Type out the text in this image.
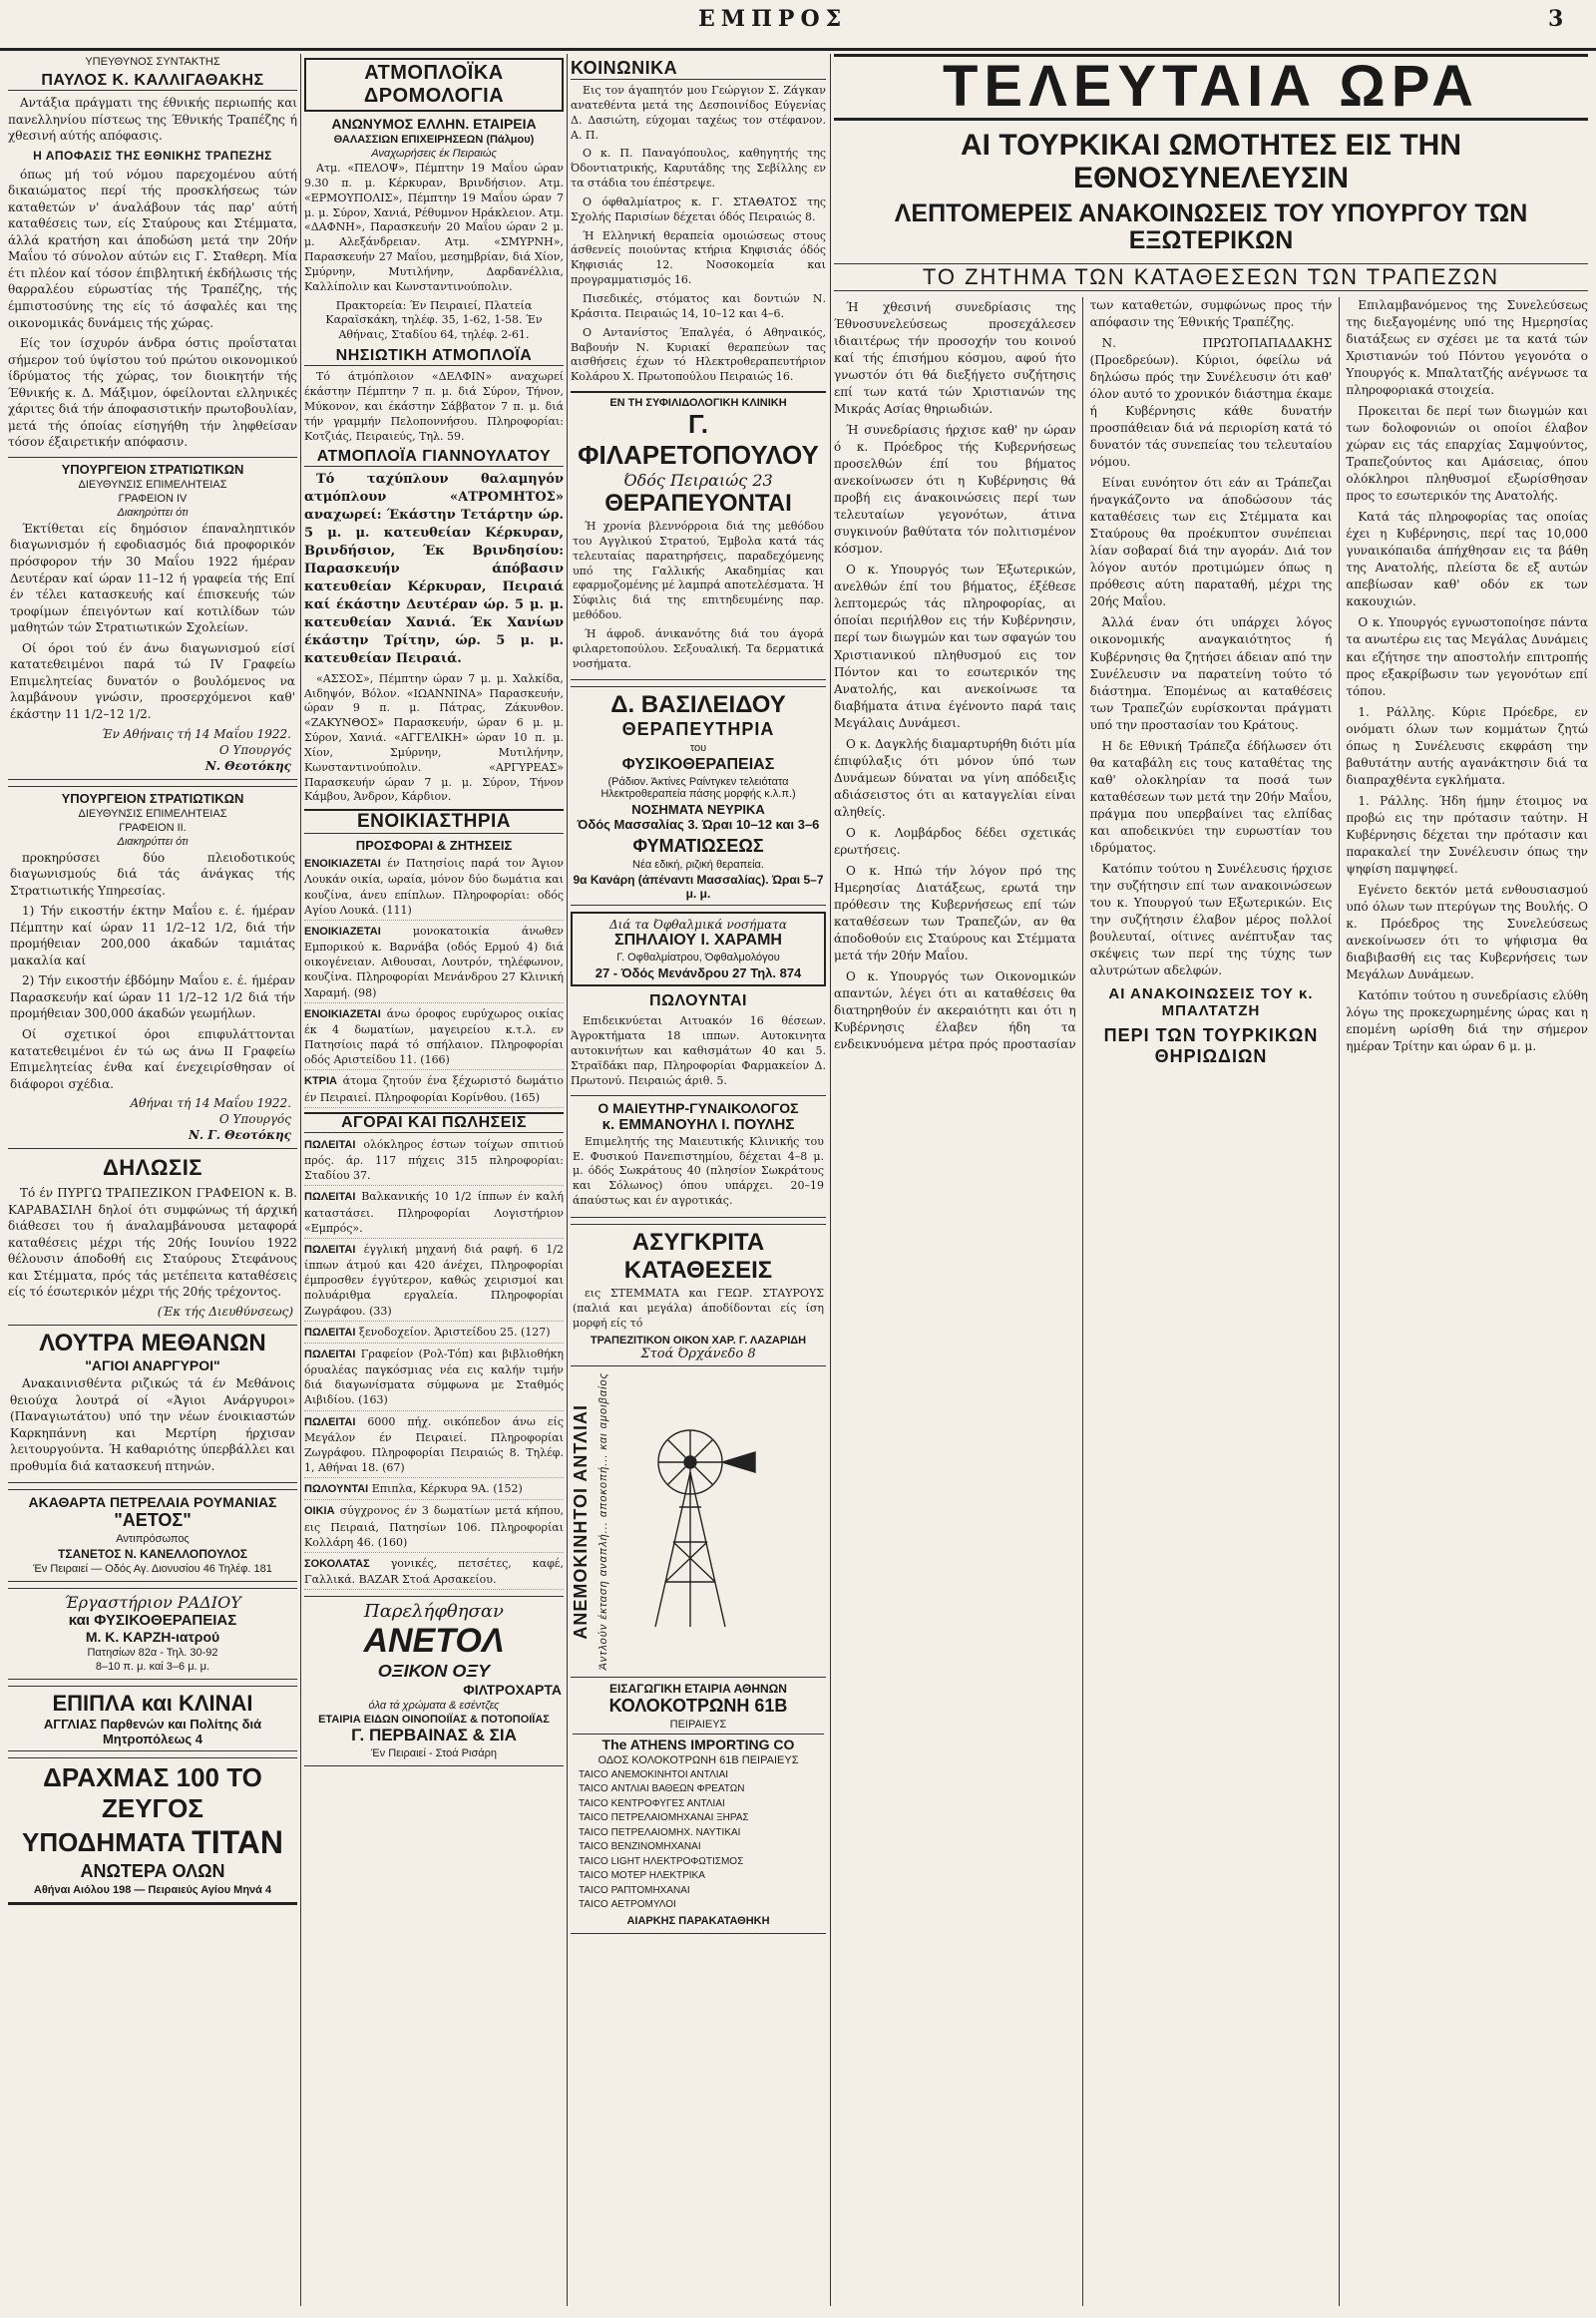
ΕΜΠΡΟΣ	3
ΥΠΕΥΘΥΝΟΣ ΣΥΝΤΑΚΤΗΣ
ΠΑΥΛΟΣ Κ. ΚΑΛΛΙΓΑΘΑΚΗΣ

Αντάξια πράγματι της έθνικής περιωπής και πανελληνίου πίστεως της Έθνικής Τραπέζης ή χθεσινή αύτής απόφασις.

Η ΑΠΟΦΑΣΙΣ ΤΗΣ ΕΘΝΙΚΗΣ ΤΡΑΠΕΖΗΣ

όπως μή τού νόμου παρεχομένου αύτή δικαιώματος περί τής προσκλήσεως τών καταθετών ν' άναλάβουν τάς παρ' αύτή καταθέσεις των, είς Σταύρους και Στέμματα, άλλά κρατήση και άποδώση μετά την 20ήν Μαΐου τό σύνολον αύτών εις Γ. Σταθερη. Μία έτι πλέον καί τόσον έπιβλητική έκδήλωσις τής θαρραλέου εύρωστίας τής Τραπέζης, τής έμπιστοσύνης της είς τό άσφαλές και της οικονομικάς δυνάμεις τής χώρας.

Είς τον ίσχυρόν άνδρα όστις προΐσταται σήμερον τού ύψίστου τού πρώτου οικονομικού ίδρύματος τής χώρας, τον διοικητήν τής Έθνικής κ. Δ. Μάξιμον, όφείλονται ελληνικές χάριτες διά τήν άποφασιστικήν πρωτοβουλίαν, μετά τής όποίας είσηγήθη τήν ληφθείσαν τόσον έξαιρετικήν απόφασιν.

ΥΠΟΥΡΓΕΙΟΝ ΣΤΡΑΤΙΩΤΙΚΩΝ
ΔΙΕΥΘΥΝΣΙΣ ΕΠΙΜΕΛΗΤΕΙΑΣ
ΓΡΑΦΕΙΟΝ IV
Διακηρύττει ότι

Έκτίθεται είς δημόσιον έπαναληπτικόν διαγωνισμόν ή εφοδιασμός διά προφορικόν πρόσφορον τήν 30 Μαΐου 1922 ήμέραν Δευτέραν καί ώραν 11–12 ή γραφεία τής Επί έν τέλει κατασκευής καί έπισκευής τών τροφίμων έπειγόντων καί κοτιλίδων τών μαθητών τών Στρατιωτικών Σχολείων.

Οί όροι τού έν άνω διαγωνισμού είσί κατατεθειμένοι παρά τώ IV Γραφείω Επιμελητείας δυνατόν ο βουλόμενος να λαμβάνουν γνώσιν, προσερχόμενοι καθ' έκάστην 11 1/2–12 1/2.

Έν Αθήναις τή 14 Μαΐου 1922.
Ο Υπουργός
Ν. Θεοτόκης
ΥΠΟΥΡΓΕΙΟΝ ΣΤΡΑΤΙΩΤΙΚΩΝ
ΔΙΕΥΘΥΝΣΙΣ ΕΠΙΜΕΛΗΤΕΙΑΣ
ΓΡΑΦΕΙΟΝ ΙΙ.
Διακηρύττει ότι

προκηρύσσει δύο πλειοδοτικούς διαγωνισμούς διά τάς άνάγκας τής Στρατιωτικής Υπηρεσίας.

1) Τήν εικοστήν έκτην Μαΐου ε. έ. ήμέραν Πέμπτην καί ώραν 11 1/2–12 1/2, διά τήν προμήθειαν 200,000 άκαδών ταμιάτας μακαλία καί

2) Τήν εικοστήν έβδόμην Μαΐου ε. έ. ήμέραν Παρασκευήν καί ώραν 11 1/2–12 1/2 διά τήν προμήθειαν 300,000 άκαδών γεωμήλων.

Οί σχετικοί όροι επιφυλάττονται κατατεθειμένοι έν τώ ως άνω ΙΙ Γραφείω Επιμελητείας ένθα καί ένεχειρίσθησαν οί διάφοροι σχέδια.

Αθήναι τή 14 Μαΐου 1922.
Ο Υπουργός
Ν. Γ. Θεοτόκης
ΔΗΛΩΣΙΣ

Τό έν ΠΥΡΓΩ ΤΡΑΠΕΖΙΚΟΝ ΓΡΑΦΕΙΟΝ κ. Β. ΚΑΡΑΒΑΣΙΛΗ δηλοί ότι συμφώνως τή άρχική διάθεσει του ή άναλαμβάνουσα μεταφορά καταθέσεις μέχρι τής 20ής Ιουνίου 1922 θέλουσιν άποδοθή εις Σταύρους Στεφάνους και Στέμματα, πρός τάς μετέπειτα καταθέσεις είς τό έσωτερικόν μέχρι τής 20ής τρέχοντος.

(Έκ τής Διευθύνσεως)
ΛΟΥΤΡΑ ΜΕΘΑΝΩΝ
"ΑΓΙΟΙ ΑΝΑΡΓΥΡΟΙ"

Ανακαινισθέντα ριζικώς τά έν Μεθάνοις θειούχα λουτρά οί «Άγιοι Ανάργυροι» (Παναγιωτάτου) υπό την νέων ένοικιαστών Καρκηπάννη και Μερτίρη ήρχισαν λειτουργούντα. Ή καθαριότης ύπερβάλλει και προθυμία διά κατασκευή πτηνών.

ΑΚΑΘΑΡΤΑ ΠΕΤΡΕΛΑΙΑ ΡΟΥΜΑΝΙΑΣ
"ΑΕΤΟΣ"
Αντιπρόσωπος
ΤΣΑΝΕΤΟΣ Ν. ΚΑΝΕΛΛΟΠΟΥΛΟΣ
Έν Πειραιεί — Οδός Αγ. Διονυσίου 46 Τηλέφ. 181
Έργαστήριον ΡΑΔΙΟΥ
και ΦΥΣΙΚΟΘΕΡΑΠΕΙΑΣ
Μ. Κ. ΚΑΡΖΗ-ιατρού
Πατησίων 82α - Τηλ. 30-92
8–10 π. μ. καί 3–6 μ. μ.
ΕΠΙΠΛΑ και ΚΛΙΝΑΙ
ΑΓΓΛΙΑΣ Παρθενών και Πολίτης διά Μητροπόλεως 4
ΔΡΑΧΜΑΣ 100 ΤΟ ΖΕΥΓΟΣ
ΥΠΟΔΗΜΑΤΑ ΤΙΤΑΝ
ΑΝΩΤΕΡΑ ΟΛΩΝ
Αθήναι Αιόλου 198 — Πειραιεύς Αγίου Μηνά 4
ΑΤΜΟΠΛΟΪΚΑ ΔΡΟΜΟΛΟΓΙΑ
ΑΝΩΝΥΜΟΣ ΕΛΛΗΝ. ΕΤΑΙΡΕΙΑ
ΘΑΛΑΣΣΙΩΝ ΕΠΙΧΕΙΡΗΣΕΩΝ (Πάλμου)
Αναχωρήσεις έκ Πειραιώς

Ατμ. «ΠΕΛΟΨ», Πέμπτην 19 Μαΐου ώραν 9.30 π. μ. Κέρκυραν, Βρινδήσιον. Ατμ. «ΕΡΜΟΥΠΟΛΙΣ», Πέμπτην 19 Μαΐου ώραν 7 μ. μ. Σύρον, Χανιά, Ρέθυμνον Ηράκλειον. Ατμ. «ΔΑΦΝΗ», Παρασκευήν 20 Μαΐου ώραν 2 μ. μ. Αλεξάνδρειαν. Ατμ. «ΣΜΥΡΝΗ», Παρασκευήν 27 Μαΐου, μεσημβρίαν, διά Χίον, Σμύρνην, Μυτιλήνην, Δαρδανέλλια, Καλλίπολιν και Κωνσταντινούπολιν.

Πρακτορεία: Έν Πειραιεί, Πλατεία Καραϊσκάκη, τηλέφ. 35, 1-62, 1-58. Έν Αθήναις, Σταδίου 64, τηλέφ. 2-61.

ΝΗΣΙΩΤΙΚΗ ΑΤΜΟΠΛΟΪΑ

Τό άτμόπλοιον «ΔΕΛΦΙΝ» αναχωρεί έκάστην Πέμπτην 7 π. μ. διά Σύρον, Τήνον, Μύκονον, και έκάστην Σάββατον 7 π. μ. διά τήν γραμμήν Πελοποννήσου. Πληροφορίαι: Κοτζιάς, Πειραιεύς, Τηλ. 59.

ΑΤΜΟΠΛΟΪΑ ΓΙΑΝΝΟΥΛΑΤΟΥ

Τό ταχύπλουν θαλαμηγόν ατμόπλουν «ΑΤΡΟΜΗΤΟΣ» αναχωρεί: Έκάστην Τετάρτην ώρ. 5 μ. μ. κατευθείαν Κέρκυραν, Βρινδήσιον, Έκ Βρινδησίου: Παρασκευήν άπόβασιν κατευθείαν Κέρκυραν, Πειραιά καί έκάστην Δευτέραν ώρ. 5 μ. μ. κατευθείαν Χανιά. Έκ Χανίων έκάστην Τρίτην, ώρ. 5 μ. μ. κατευθείαν Πειραιά.

«ΑΣΣΟΣ», Πέμπτην ώραν 7 μ. μ. Χαλκίδα, Αιδηψόν, Βόλον. «ΙΩΑΝΝΙΝΑ» Παρασκευήν, ώραν 9 π. μ. Πάτρας, Ζάκυνθον. «ΖΑΚΥΝΘΟΣ» Παρασκευήν, ώραν 6 μ. μ. Σύρον, Χανιά. «ΑΓΓΕΛΙΚΗ» ώραν 10 π. μ. Χίον, Σμύρνην, Μυτιλήνην, Κωνσταντινούπολιν. «ΑΡΓΥΡΕΑΣ» Παρασκευήν ώραν 7 μ. μ. Σύρον, Τήνον Κάμβου, Άνδρον, Κάρδιον.

ΕΝΟΙΚΙΑΣΤΗΡΙΑ
ΠΡΟΣΦΟΡΑΙ & ΖΗΤΗΣΕΙΣ
ΕΝΟΙΚΙΑΖΕΤΑΙ έν Πατησίοις παρά τον Άγιον Λουκάν οικία, ωραία, μόνον δύο δωμάτια και κουζίνα, άνευ επίπλων. Πληροφορίαι: οδός Αγίου Λουκά. (111)
ΕΝΟΙΚΙΑΖΕΤΑΙ	μονοκατοικία άνωθεν Εμπορικού κ. Βαρνάβα (οδός Ερμού 4) διά οικογένειαν. Αιθουσαι, Λουτρόν, τηλέφωνον, κουζίνα. Πληροφορίαι Μενάνδρου 27 Κλινική Χαραμή. (98)
ΕΝΟΙΚΙΑΖΕΤΑΙ άνω όροφος ευρύχωρος οικίας έκ 4 δωματίων, μαγειρείου κ.τ.λ. εν Πατησίοις παρά τό σπήλαιον. Πληροφορίαι οδός Αριστείδου 11. (166)
ΚΤΡΙΑ άτομα ζητούν ένα ξέχωριστό δωμάτιο έν Πειραιεί. Πληροφορίαι Κορίνθου. (165)
ΑΓΟΡΑΙ ΚΑΙ ΠΩΛΗΣΕΙΣ
ΠΩΛΕΙΤΑΙ ολόκληρος έστων τοίχων σπιτιού πρός. άρ. 117 πήχεις 315 πληροφορίαι: Σταδίου 37.
ΠΩΛΕΙΤΑΙ Βαλκανικής 10 1/2 ίππων έν καλή καταστάσει. Πληροφορίαι Λογιστήριον «Εμπρός».
ΠΩΛΕΙΤΑΙ έγγλική μηχανή διά ραφή. 6 1/2 ίππων άτμού και 420 άνέχει, Πληροφορίαι έμπροσθεν έγγύτερον, καθώς χειρισμοί και πολυάριθμα εργαλεία. Πληροφορίαι Ζωγράφου. (33)
ΠΩΛΕΙΤΑΙ ξενοδοχείον. Άριστείδου 25. (127)
ΠΩΛΕΙΤΑΙ Γραφείον (Ρολ-Τόπ) και βιβλιοθήκη όρυαλέας παγκόσμιας νέα εις καλήν τιμήν διά διαγωνίσματα σύμφωνα με Σταθμός Αιβιδίου. (163)
ΠΩΛΕΙΤΑΙ 6000 πήχ. οικόπεδον άνω είς Μεγάλον έν Πειραιεί. Πληροφορίαι Ζωγράφου. Πληροφορίαι Πειραιώς 8. Τηλέφ. 1, Αθήναι 18. (67)
ΠΩΛΟΥΝΤΑΙ Επιπλα, Κέρκυρα 9Α. (152)
ΟΙΚΙΑ σύγχρονος έν 3 δωματίων μετά κήπου, εις Πειραιά, Πατησίων 106. Πληροφορίαι Κολλάρη 46. (160)
ΣΟΚΟΛΑΤΑΣ γονικές, πετσέτες, καφέ, Γαλλικά. ΒΑΖΑR Στοά Αρσακείου.
Παρελήφθησαν
ΑΝΕΤΟΛ
ΟΞΙΚΟΝ ΟΞΥ
ΦΙΛΤΡΟΧΑΡΤΑ
όλα τά χρώματα & εσέντζες
ΕΤΑΙΡΙΑ ΕΙΔΩΝ ΟΙΝΟΠΟΙΪΑΣ & ΠΟΤΟΠΟΙΪΑΣ
Γ. ΠΕΡΒΑΙΝΑΣ & ΣΙΑ
Έν Πειραιεί - Στοά Ρισάρη
ΚΟΙΝΩΝΙΚΑ

Εις τον άγαπητόν μου Γεώργιον Σ. Ζάγκαν ανατεθέντα μετά της Δεσποινίδος Εύγενίας Δ. Δασιώτη, εύχομαι ταχέως τον στέφανον. Α. Π.

Ο κ. Π. Παναγόπουλος, καθηγητής της Όδοντιατρικής, Καρυτάδης της Σεβίλλης εν τα στάδια του έπέστρεψε.

Ο όφθαλμίατρος κ. Γ. ΣΤΑΘΑΤΟΣ της Σχολής Παρισίων δέχεται όδός Πειραιώς 8.

Ή Ελληνική θεραπεία ομοιώσεως στους άσθενείς ποιούντας κτήρια Κηφισιάς όδός Κηφισιάς 12. Νοσοκομεία και προγραμματισμός 16.

Πισεδικές, στόματος και δοντιών Ν. Κράσιτα. Πειραιώς 14, 10–12 και 4–6.

Ο Αντανίστος Έπαλγέα, ό Αθηναικός, Βαβουήν Ν. Κυριακί θεραπεύων τας αισθήσεις έχων τό Ηλεκτροθεραπευτήριον Κολάρου Χ. Πρωτοπούλου Πειραιώς 16.

ΕΝ ΤΗ ΣΥΦΙΛΙΔΟΛΟΓΙΚΗ ΚΛΙΝΙΚΗ
Γ. ΦΙΛΑΡΕΤΟΠΟΥΛΟΥ
Όδός Πειραιώς 23
ΘΕΡΑΠΕΥΟΝΤΑΙ

Ή χρονία βλεννόρροια διά της μεθόδου του Αγγλικού Στρατού, Έμβολα κατά τάς τελευταίας παρατηρήσεις, παραδεχόμενης υπό της Γαλλικής Ακαδημίας και εφαρμοζομένης μέ λαμπρά αποτελέσματα. Ή Σύφιλις διά της επιτηδευμένης παρ. μεθόδου.

Ή άφροδ. άνικανότης διά του άγορά φιλαρετοπούλου. Σεξουαλική. Τα δερματικά νοσήματα.

Δ. ΒΑΣΙΛΕΙΔΟΥ
ΘΕΡΑΠΕΥΤΗΡΙΑ
του
ΦΥΣΙΚΟΘΕΡΑΠΕΙΑΣ
(Ράδιον. Άκτίνες Ραίντγκεν τελειότατα Ηλεκτροθεραπεία πάσης μορφής κ.λ.π.)
ΝΟΣΗΜΑΤΑ ΝΕΥΡΙΚΑ
Όδός Μασσαλίας 3. Ώραι 10–12 και 3–6
ΦΥΜΑΤΙΩΣΕΩΣ
Νέα εδική, ριζική θεραπεία.
9α Κανάρη (άπέναντι Μασσαλίας). Ώραι 5–7 μ. μ.
Διά τα Όφθαλμικά νοσήματα
ΣΠΗΛΑΙΟΥ Ι. ΧΑΡΑΜΗ
Γ. Οφθαλμίατρου, Όφθαλμολόγου
27 - Όδός Μενάνδρου 27 Τηλ. 874
ΠΩΛΟΥΝΤΑΙ

Επιδεικνύεται Αιτυακόν 16 θέσεων. Άγροκτήματα 18 ιππων. Αυτοκινητα αυτοκινήτων και καθισμάτων 40 και 5. Στραϊδάκι παρ, Πληροφορίαι Φαρμακείον Δ. Πρωτονύ. Πειραιώς άριθ. 5.

Ο ΜΑΙΕΥΤΗΡ-ΓΥΝΑΙΚΟΛΟΓΟΣ
κ. ΕΜΜΑΝΟΥΗΛ Ι. ΠΟΥΛΗΣ

Επιμελητής της Μαιευτικής Κλινικής του Ε. Φυσικού Πανεπιστημίου, δέχεται 4–8 μ. μ. όδός Σωκράτους 40 (πλησίον Σωκράτους και Σόλωνος) όπου υπάρχει. 20–19 άπαύστως και έν αγροτικάς.

ΑΣΥΓΚΡΙΤΑ ΚΑΤΑΘΕΣΕΙΣ

εις ΣΤΕΜΜΑΤΑ και ΓΕΩΡ. ΣΤΑΥΡΟΥΣ (παλιά και μεγάλα) άποδίδονται είς ίση μορφή είς τό

ΤΡΑΠΕΖΙΤΙΚΟΝ ΟΙΚΟΝ ΧΑΡ. Γ. ΛΑΖΑΡΙΔΗ
Στοά Όρχάνεδο 8
ΑΝΕΜΟΚΙΝΗΤΟΙ ΑΝΤΛΙΑΙ Άντλούν έκταση αναπλή... αποκοπή... και αμοιβαίος
ΕΙΣΑΓΩΓΙΚΗ ΕΤΑΙΡΙΑ ΑΘΗΝΩΝ
ΚΟΛΟΚΟΤΡΩΝΗ 61Β
ΠΕΙΡΑΙΕΥΣ
The ATHENS IMPORTING CO
ΟΔΟΣ ΚΟΛΟΚΟΤΡΩΝΗ 61Β ΠΕΙΡΑΙΕΥΣ
TAICO ΑΝΕΜΟΚΙΝΗΤΟΙ ΑΝΤΛΙΑΙ
TAICO ΑΝΤΛΙΑΙ ΒΑΘΕΩΝ ΦΡΕΑΤΩΝ
TAICO ΚΕΝΤΡΟΦΥΓΕΣ ΑΝΤΛΙΑΙ
TAICO ΠΕΤΡΕΛΑΙΟΜΗΧΑΝΑΙ ΞΗΡΑΣ
TAICO ΠΕΤΡΕΛΑΙΟΜΗΧ. ΝΑΥΤΙΚΑΙ
TAICO ΒΕΝΖΙΝΟΜΗΧΑΝΑΙ
TAICO LIGHT ΗΛΕΚΤΡΟΦΩΤΙΣΜΟΣ
TAICO ΜΟΤΕΡ ΗΛΕΚΤΡΙΚΑ
TAICO ΡΑΠΤΟΜΗΧΑΝΑΙ
TAICO ΑΕΤΡΟΜΥΛΟΙ
ΑΙΑΡΚΗΣ ΠΑΡΑΚΑΤΑΘΗΚΗ
ΤΕΛΕΥΤΑΙΑ ΩΡΑ
ΑΙ ΤΟΥΡΚΙΚΑΙ ΩΜΟΤΗΤΕΣ ΕΙΣ ΤΗΝ ΕΘΝΟΣΥΝΕΛΕΥΣΙΝ
ΛΕΠΤΟΜΕΡΕΙΣ ΑΝΑΚΟΙΝΩΣΕΙΣ ΤΟΥ ΥΠΟΥΡΓΟΥ ΤΩΝ ΕΞΩΤΕΡΙΚΩΝ
ΤΟ ΖΗΤΗΜΑ ΤΩΝ ΚΑΤΑΘΕΣΕΩΝ ΤΩΝ ΤΡΑΠΕΖΩΝ

Ή χθεσινή συνεδρίασις της Έθνοσυνελεύσεως προσεχάλεσεν ιδιαιτέρως τήν προσοχήν του κοινού καί τής έπισήμου κόσμου, αφού ήτο γνωστόν ότι θά διεξήγετο συζήτησις επί των κατά τών Χριστιανών της Μικράς Ασίας θηριωδιών.

Ή συνεδρίασις ήρχισε καθ' ην ώραν ό κ. Πρόεδρος τής Κυβερνήσεως προσελθών έπί του βήματος ανεκοίνωσεν ότι η Κυβέρνησις θά προβή εις άνακοινώσεις περί των τελευταίων γεγονότων, άτινα συγκινούν βαθύτατα τόν πολιτισμένον κόσμον.

Ο κ. Υπουργός των Έξωτερικών, ανελθών έπί του βήματος, έξέθεσε λεπτομερώς τάς πληροφορίας, αι όποίαι περιήλθον εις τήν Κυβέρνησιν, περί των διωγμών και των σφαγών του Χριστιανικού πληθυσμού εις τον Πόντον και το εσωτερικόν της Ανατολής, και ανεκοίνωσε τα διαβήματα άτινα έγένοντο παρά ταις Μεγάλαις Δυνάμεσι.

Ο κ. Δαγκλής διαμαρτυρήθη διότι μία έπιφύλαξις ότι μόνον ύπό των Δυνάμεων δύναται να γίνη απόδειξις αδιάσειστος ότι αι καταγγελίαι είναι αληθείς.

Ο κ. Λομβάρδος δέδει σχετικάς ερωτήσεις.

Ο κ. Ηπώ τήν λόγον πρό της Ημερησίας Διατάξεως, ερωτά την πρόθεσιν της Κυβερνήσεως επί τών καταθέσεων των Τραπεζών, αν θα άποδοθούν εις Σταύρους και Στέμματα μετά τήν 20ήν Μαΐου.

Ο κ. Υπουργός των Οικονομικών απαντών, λέγει ότι αι καταθέσεις θα διατηρηθούν έν ακεραιότητι και ότι η Κυβέρνησις έλαβεν ήδη τα ενδεικνυόμενα μέτρα πρός προστασίαν των καταθετών, συμφώνως προς τήν απόφασιν της Έθνικής Τραπέζης.

Ν. ΠΡΩΤΟΠΑΠΑΔΑΚΗΣ (Προεδρεύων). Κύριοι, όφείλω νά δηλώσω πρός την Συνέλευσιν ότι καθ' όλον αυτό το χρονικόν διάστημα έκαμε ή Κυβέρνησις κάθε δυνατήν προσπάθειαν διά νά περιορίση κατά τό δυνατόν τάς συνεπείας του τελευταίου νόμου.

Είναι ευνόητον ότι εάν αι Τράπεζαι ήναγκάζοντο να άποδώσουν τάς καταθέσεις των εις Στέμματα και Σταύρους θα προέκυπτον συνέπειαι λίαν σοβαραί διά την αγοράν. Διά τον λόγον αυτόν προτιμώμεν όπως η πρόθεσις αύτη παραταθή, μέχρι της 20ής Μαΐου.

Άλλά έναν ότι υπάρχει λόγος οικονομικής αναγκαιότητος ή Κυβέρνησις θα ζητήσει άδειαν από την Συνέλευσιν να παρατείνη τούτο τό διάστημα. Έπομένως αι καταθέσεις των Τραπεζών ευρίσκονται πράγματι υπό την προστασίαν του Κράτους.

Η δε Εθνική Τράπεζα έδήλωσεν ότι θα καταβάλη εις τους καταθέτας της καθ' ολοκληρίαν τα ποσά των καταθέσεων των μετά την 20ήν Μαΐου, πράγμα που υπερβαίνει τας ελπίδας και αποδεικνύει την ευρωστίαν του ιδρύματος.

Κατόπιν τούτου η Συνέλευσις ήρχισε την συζήτησιν επί των ανακοινώσεων του κ. Υπουργού των Εξωτερικών. Εις την συζήτησιν έλαβον μέρος πολλοί βουλευταί, οίτινες ανέπτυξαν τας σκέψεις των περί της τύχης των αλυτρώτων αδελφών.

ΑΙ ΑΝΑΚΟΙΝΩΣΕΙΣ ΤΟΥ κ. ΜΠΑΛΤΑΤΖΗ
ΠΕΡΙ ΤΩΝ ΤΟΥΡΚΙΚΩΝ ΘΗΡΙΩΔΙΩΝ

Επιλαμβανόμενος της Συνελεύσεως της διεξαγομένης υπό της Ημερησίας διατάξεως εν σχέσει με τα κατά τών Χριστιανών τού Πόντου γεγονότα ο Υπουργός κ. Μπαλτατζής ανέγνωσε τα πληροφοριακά στοιχεία.

Προκειται δε περί των διωγμών και των δολοφονιών οι οποίοι έλαβον χώραν εις τάς επαρχίας Σαμψούντος, Τραπεζούντος και Αμάσειας, όπου ολόκληροι πληθυσμοί εξωρίσθησαν προς το εσωτερικόν της Ανατολής.

Κατά τάς πληροφορίας τας οποίας έχει η Κυβέρνησις, περί τας 10,000 γυναικόπαιδα άπήχθησαν εις τα βάθη της Ανατολής, πλείστα δε εξ αυτών απεβίωσαν καθ' οδόν εκ των κακουχιών.

Ο κ. Υπουργός εγνωστοποίησε πάντα τα ανωτέρω εις τας Μεγάλας Δυνάμεις και εζήτησε την αποστολήν επιτροπής προς εξακρίβωσιν των γεγονότων επί τόπου.

1. Ράλλης. Κύριε Πρόεδρε, εν ονόματι όλων των κομμάτων ζητώ όπως η Συνέλευσις εκφράση την βαθυτάτην αυτής αγανάκτησιν διά τα διαπραχθέντα εγκλήματα.

1. Ράλλης. Ήδη ήμην έτοιμος να προβώ εις την πρότασιν ταύτην. Η Κυβέρνησις δέχεται την πρότασιν και παρακαλεί την Συνέλευσιν όπως την ψηφίση παμψηφεί.

Εγένετο δεκτόν μετά ενθουσιασμού υπό όλων των πτερύγων της Βουλής. Ο κ. Πρόεδρος της Συνελεύσεως ανεκοίνωσεν ότι το ψήφισμα θα διαβιβασθή εις τας Κυβερνήσεις των Μεγάλων Δυνάμεων.

Κατόπιν τούτου η συνεδρίασις ελύθη λόγω της προκεχωρημένης ώρας και η επομένη ωρίσθη διά την σήμερον ημέραν Τρίτην και ώραν 6 μ. μ.
